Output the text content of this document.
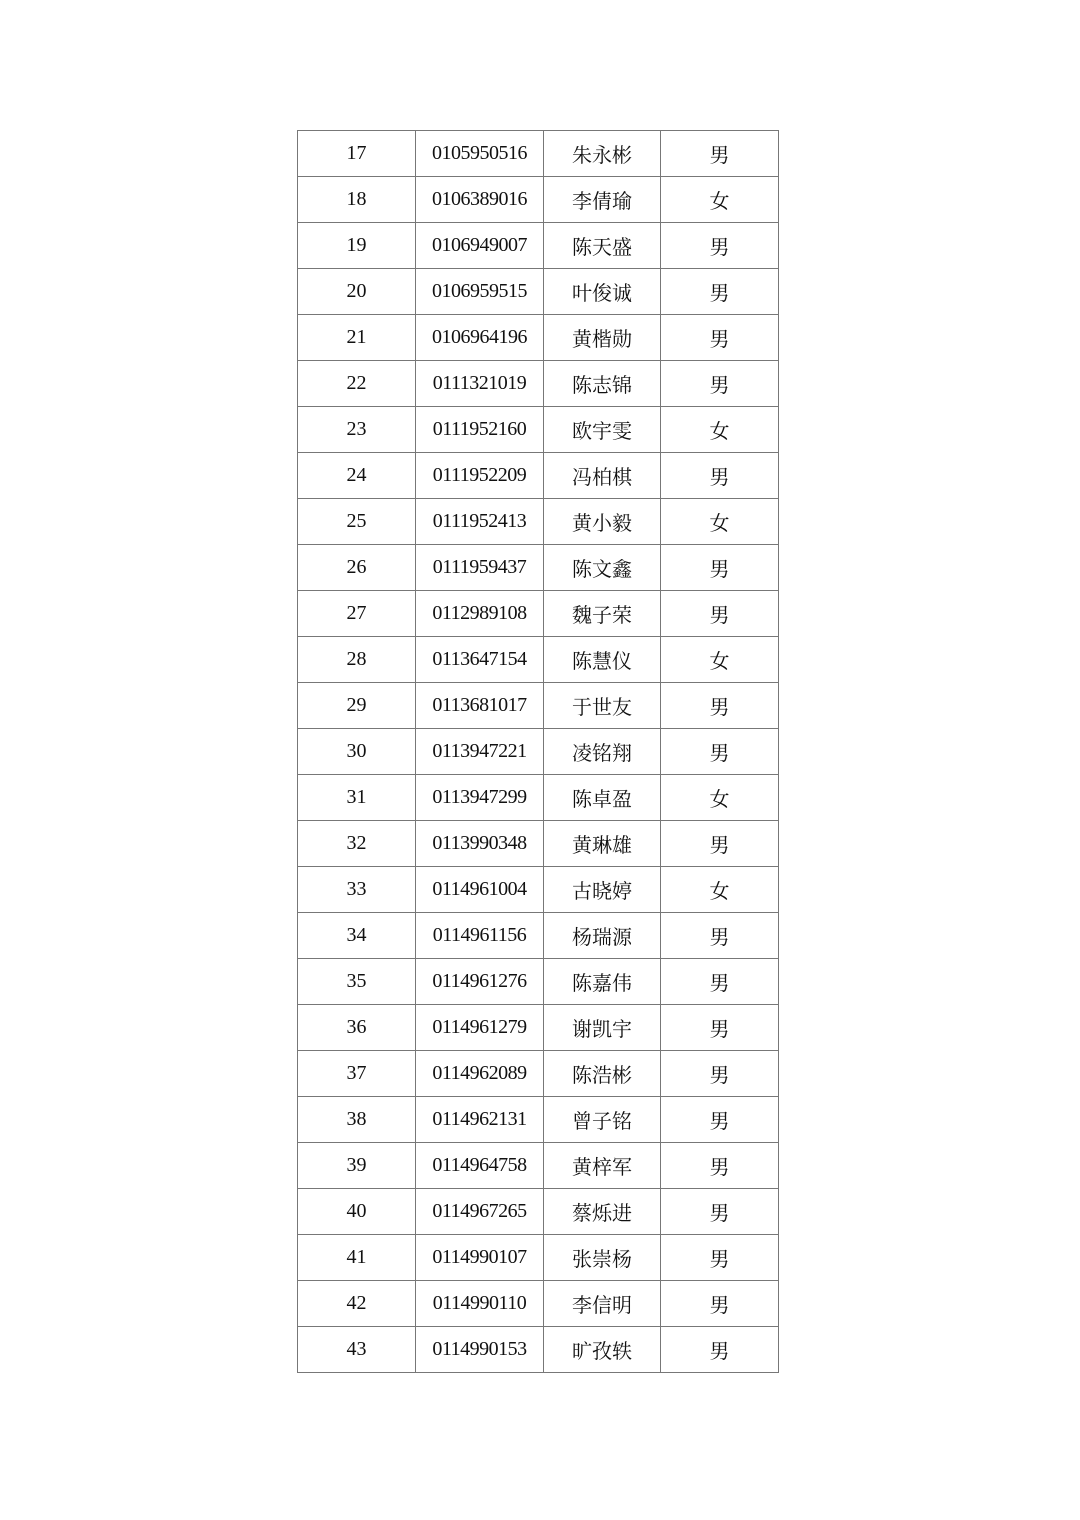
17	0105950516	朱永彬	男
18	0106389016	李倩瑜	女
19	0106949007	陈天盛	男
20	0106959515	叶俊诚	男
21	0106964196	黄楷勋	男
22	0111321019	陈志锦	男
23	0111952160	欧宇雯	女
24	0111952209	冯柏棋	男
25	0111952413	黄小毅	女
26	0111959437	陈文鑫	男
27	0112989108	魏子荣	男
28	0113647154	陈慧仪	女
29	0113681017	于世友	男
30	0113947221	凌铭翔	男
31	0113947299	陈卓盈	女
32	0113990348	黄琳雄	男
33	0114961004	古晓婷	女
34	0114961156	杨瑞源	男
35	0114961276	陈嘉伟	男
36	0114961279	谢凯宇	男
37	0114962089	陈浩彬	男
38	0114962131	曾子铭	男
39	0114964758	黄梓军	男
40	0114967265	蔡烁进	男
41	0114990107	张崇杨	男
42	0114990110	李信明	男
43	0114990153	旷孜轶	男
